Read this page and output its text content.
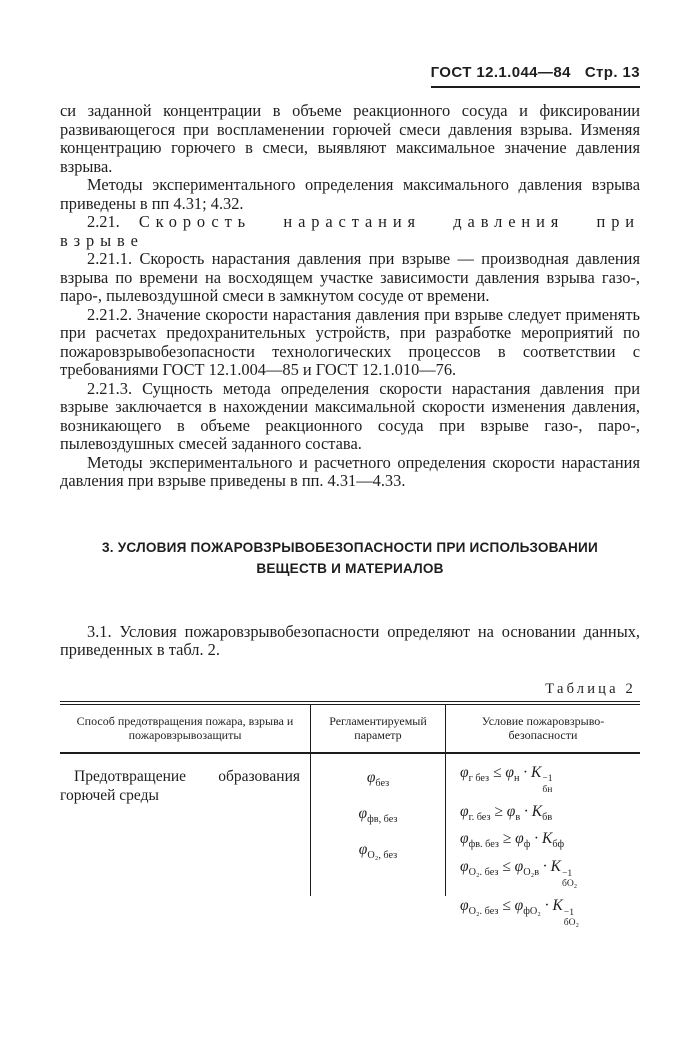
ГОСТ 12.1.044—84 Стр. 13

си заданной концентрации в объеме реакционного сосуда и фиксировании развивающегося при воспламенении горючей смеси давления взрыва. Изменяя концентрацию горючего в смеси, выявляют максимальное значение давления взрыва.

Методы экспериментального определения максимального давления взрыва приведены в пп 4.31; 4.32.

2.21. Скорость нарастания давления при взрыве

2.21.1. Скорость нарастания давления при взрыве — производная давления взрыва по времени на восходящем участке зависимости давления взрыва газо-, паро-, пылевоздушной смеси в замкнутом сосуде от времени.

2.21.2. Значение скорости нарастания давления при взрыве следует применять при расчетах предохранительных устройств, при разработке мероприятий по пожаровзрывобезопасности технологических процессов в соответствии с требованиями ГОСТ 12.1.004—85 и ГОСТ 12.1.010—76.

2.21.3. Сущность метода определения скорости нарастания давления при взрыве заключается в нахождении максимальной скорости изменения давления, возникающего в объеме реакционного сосуда при взрыве газо-, паро-, пылевоздушных смесей заданного состава.

Методы экспериментального и расчетного определения скорости нарастания давления при взрыве приведены в пп. 4.31—4.33.

3. УСЛОВИЯ ПОЖАРОВЗРЫВОБЕЗОПАСНОСТИ ПРИ ИСПОЛЬЗОВАНИИ
ВЕЩЕСТВ И МАТЕРИАЛОВ

3.1. Условия пожаровзрывобезопасности определяют на основании данных, приведенных в табл. 2.

Таблица 2
Способ предотвращения пожара, взрыва и пожаровзрывозащиты
Регламентируемый параметр
Условие пожаровзрыво-безопасности
Предотвращение образования горючей среды
$\varphi_{без}$
$\varphi_{фв, без}$
$\varphi_{О_2, без}$
$\varphi_{г без} \le \varphi_н \cdot K -1$
бн
$\varphi_{г. без} \ge \varphi_в \cdot K_{бв}$
$\varphi_{фв. без} \ge \varphi_ф \cdot K_{бф}$
$\varphi_{О_2. без} \le \varphi_{О_2в} \cdot K -1$
бО₂
$\varphi_{О_2. без} \le \varphi_{фО_2} \cdot K -1$
бО₂
